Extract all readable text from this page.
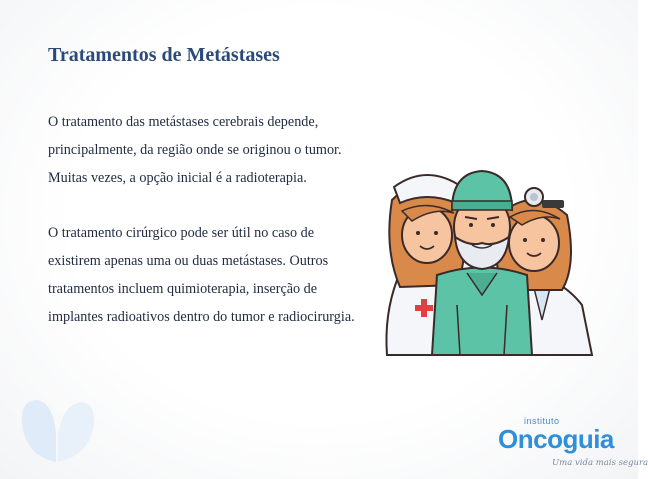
Tratamentos de Metástases

O tratamento das metástases cerebrais depende, principalmente, da região onde se originou o tumor. Muitas vezes, a opção inicial é a radioterapia.

O tratamento cirúrgico pode ser útil no caso de existirem apenas uma ou duas metástases. Outros tratamentos incluem quimioterapia, inserção de implantes radioativos dentro do tumor e radiocirurgia.

instituto
Oncoguia
Uma vida mais segura
